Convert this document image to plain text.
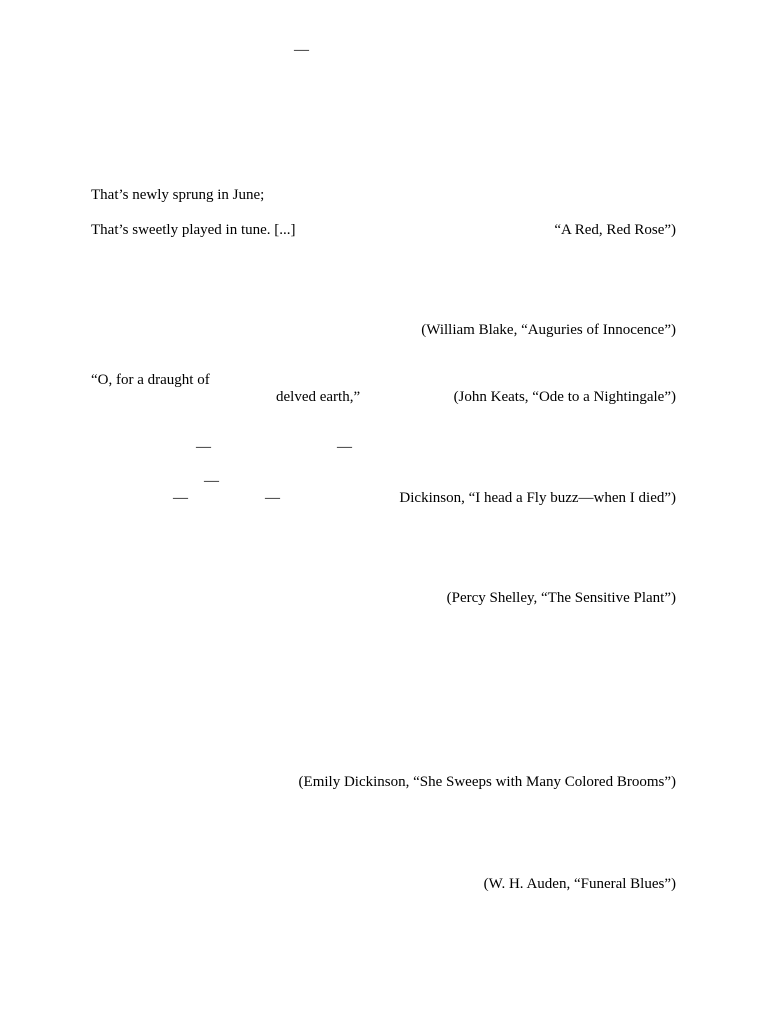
—
That’s newly sprung in June;
That’s sweetly played in tune. [...]	“A Red, Red Rose”)
(William Blake, “Auguries of Innocence”)
“O, for a draught of
delved earth,”	(John Keats, “Ode to a Nightingale”)
—	—
—
—	—	Dickinson, “I head a Fly buzz—when I died”)
(Percy Shelley, “The Sensitive Plant”)
(Emily Dickinson, “She Sweeps with Many Colored Brooms”)
(W. H. Auden, “Funeral Blues”)
